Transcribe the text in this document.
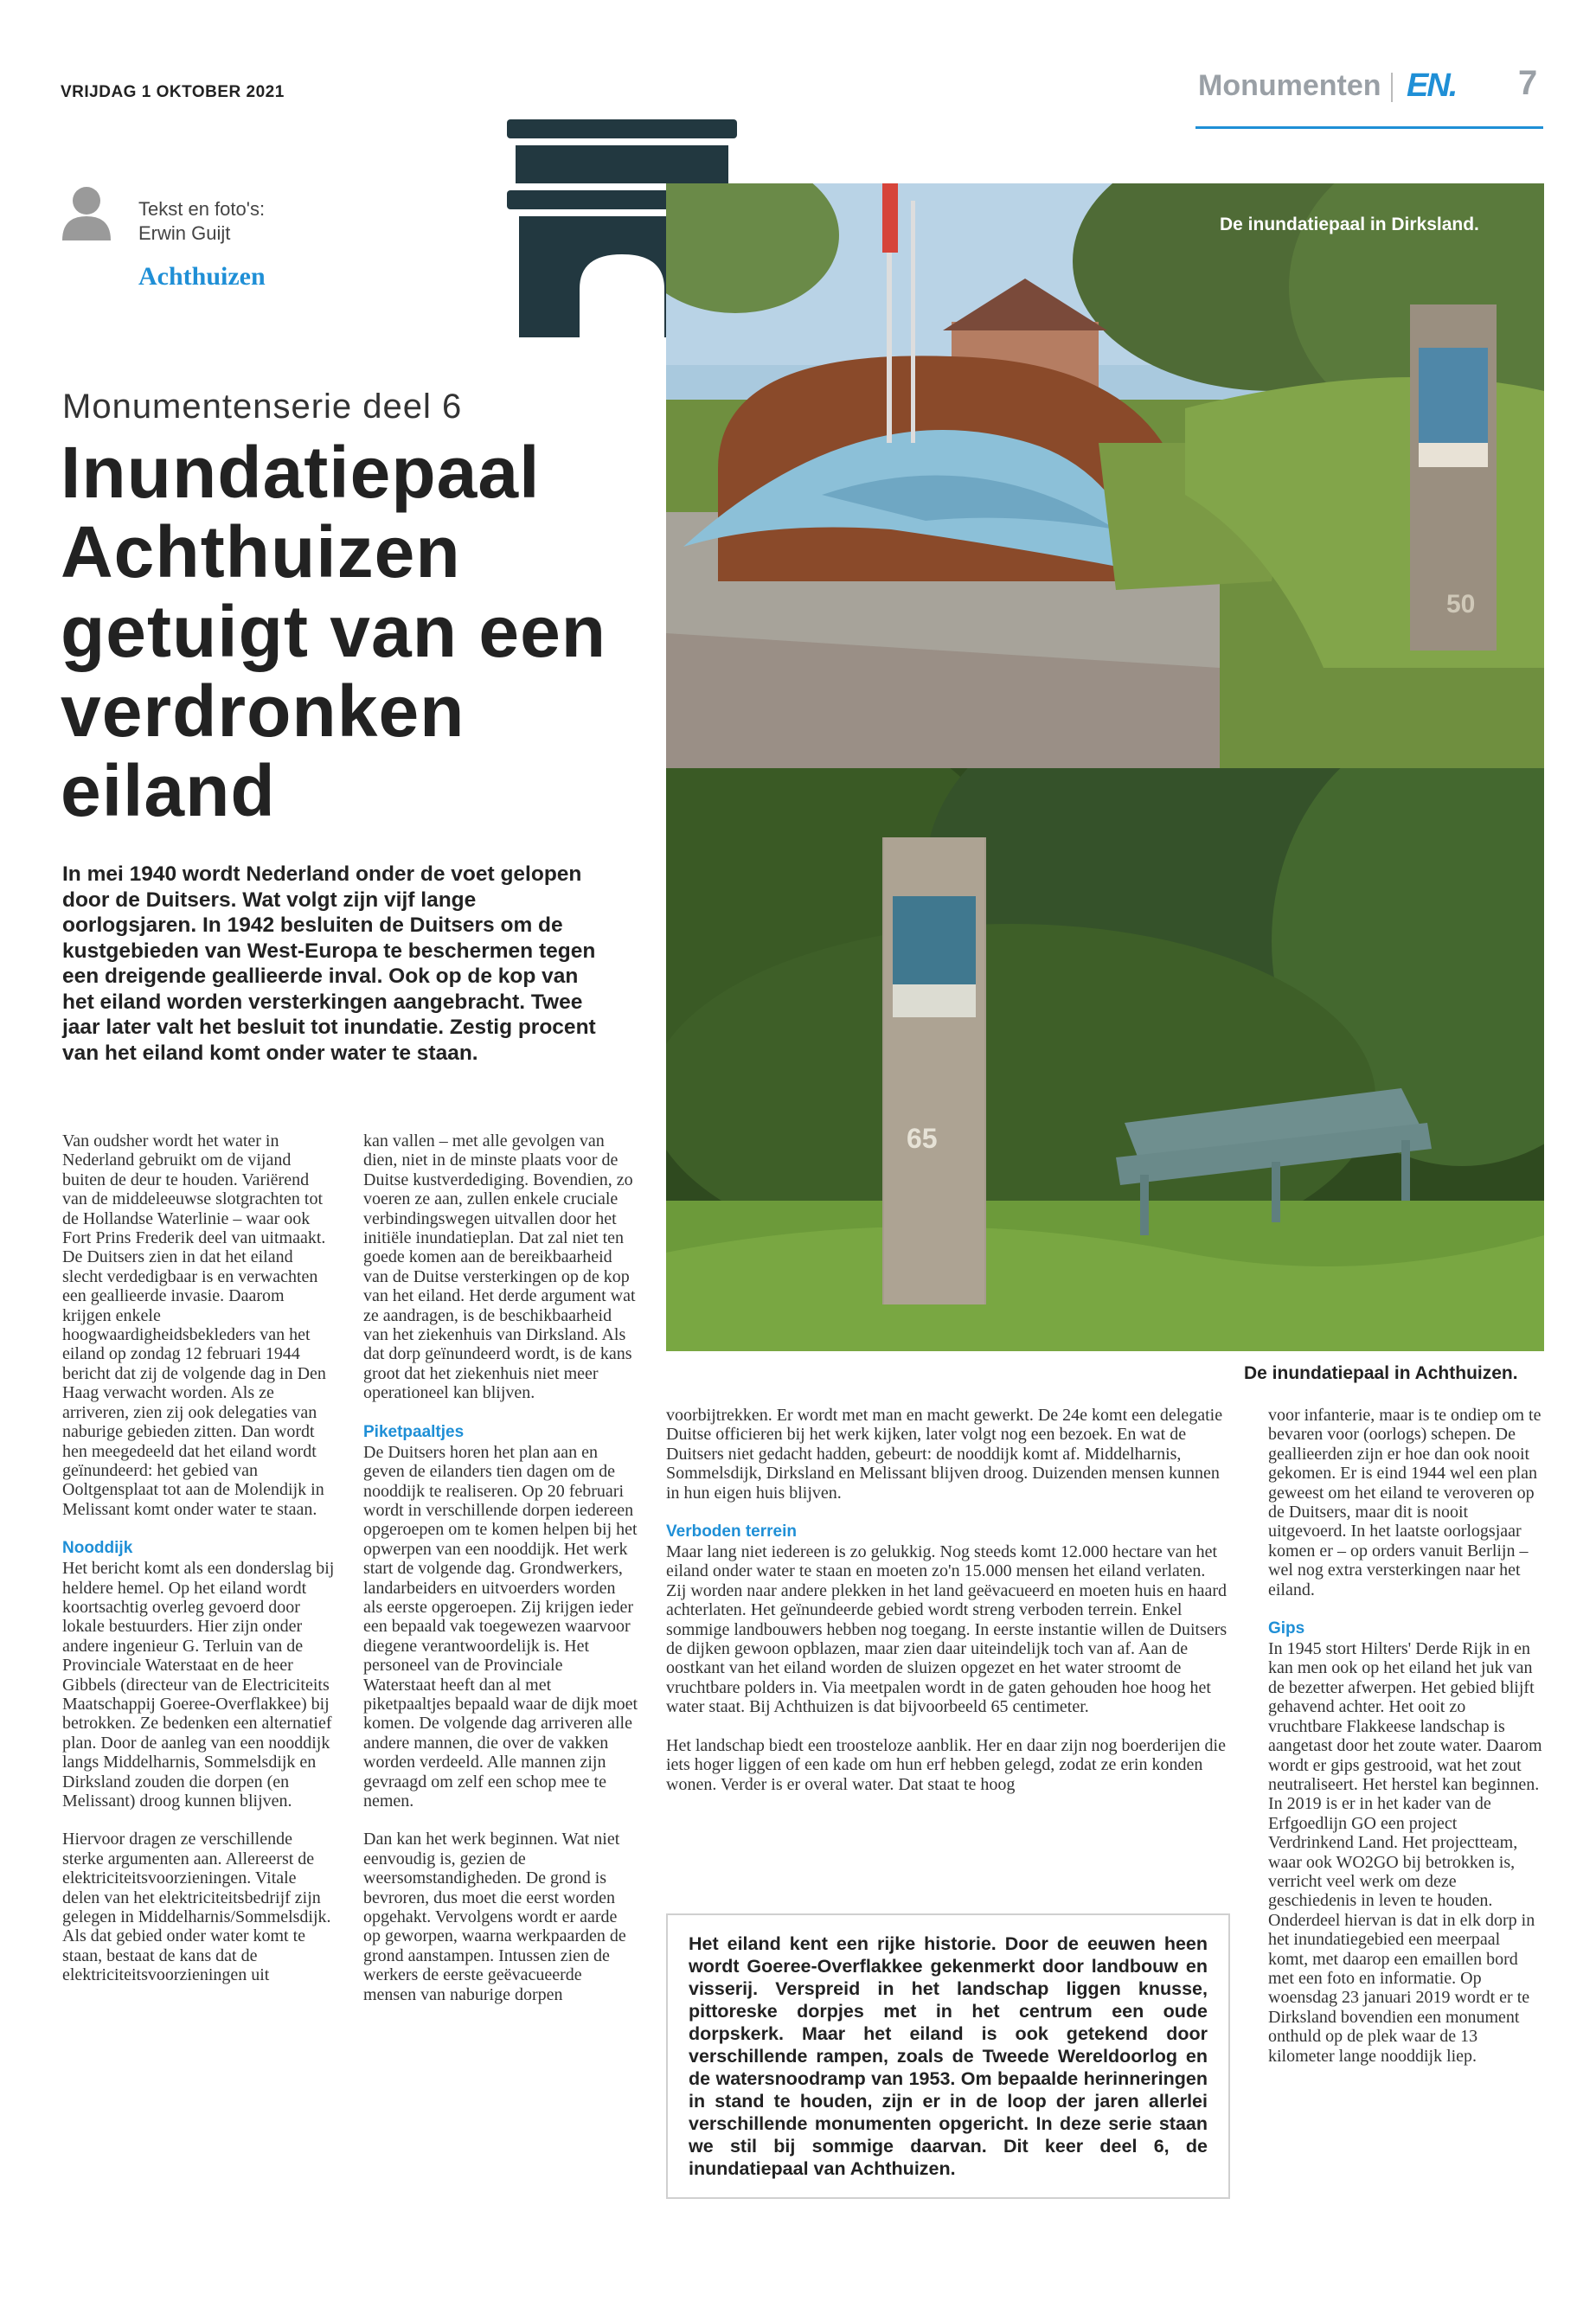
VRIJDAG 1 OKTOBER 2021	Monumenten EN. 7
Tekst en foto's:
Erwin Guijt
Achthuizen
Monumentenserie deel 6
Inundatiepaal Achthuizen getuigt van een verdronken eiland
In mei 1940 wordt Nederland onder de voet gelopen door de Duitsers. Wat volgt zijn vijf lange oorlogsjaren. In 1942 besluiten de Duitsers om de kustgebieden van West-Europa te beschermen tegen een dreigende geallieerde inval. Ook op de kop van het eiland worden versterkingen aangebracht. Twee jaar later valt het besluit tot inundatie. Zestig procent van het eiland komt onder water te staan.
De inundatiepaal in Dirksland.
50
65
De inundatiepaal in Achthuizen.

Van oudsher wordt het water in Nederland gebruikt om de vijand buiten de deur te houden. Variërend van de middeleeuwse slotgrachten tot de Hollandse Waterlinie – waar ook Fort Prins Frederik deel van uitmaakt. De Duitsers zien in dat het eiland slecht verdedigbaar is en verwachten een geallieerde invasie. Daarom krijgen enkele hoogwaardigheidsbekleders van het eiland op zondag 12 februari 1944 bericht dat zij de volgende dag in Den Haag verwacht worden. Als ze arriveren, zien zij ook delegaties van naburige gebieden zitten. Dan wordt hen meegedeeld dat het eiland wordt geïnundeerd: het gebied van Ooltgensplaat tot aan de Molendijk in Melissant komt onder water te staan.

Nooddijk

Het bericht komt als een donderslag bij heldere hemel. Op het eiland wordt koortsachtig overleg gevoerd door lokale bestuurders. Hier zijn onder andere ingenieur G. Terluin van de Provinciale Waterstaat en de heer Gibbels (directeur van de Electriciteits Maatschappij Goeree-Overflakkee) bij betrokken. Ze bedenken een alternatief plan. Door de aanleg van een nooddijk langs Middelharnis, Sommelsdijk en Dirksland zouden die dorpen (en Melissant) droog kunnen blijven.

Hiervoor dragen ze verschillende sterke argumenten aan. Allereerst de elektriciteitsvoorzieningen. Vitale delen van het elektriciteitsbedrijf zijn gelegen in Middelharnis/Sommelsdijk. Als dat gebied onder water komt te staan, bestaat de kans dat de elektriciteitsvoorzieningen uit

kan vallen – met alle gevolgen van dien, niet in de minste plaats voor de Duitse kustverdediging. Bovendien, zo voeren ze aan, zullen enkele cruciale verbindingswegen uitvallen door het initiële inundatieplan. Dat zal niet ten goede komen aan de bereikbaarheid van de Duitse versterkingen op de kop van het eiland. Het derde argument wat ze aandragen, is de beschikbaarheid van het ziekenhuis van Dirksland. Als dat dorp geïnundeerd wordt, is de kans groot dat het ziekenhuis niet meer operationeel kan blijven.

Piketpaaltjes

De Duitsers horen het plan aan en geven de eilanders tien dagen om de nooddijk te realiseren. Op 20 februari wordt in verschillende dorpen iedereen opgeroepen om te komen helpen bij het opwerpen van een nooddijk. Het werk start de volgende dag. Grondwerkers, landarbeiders en uitvoerders worden als eerste opgeroepen. Zij krijgen ieder een bepaald vak toegewezen waarvoor diegene verantwoordelijk is. Het personeel van de Provinciale Waterstaat heeft dan al met piketpaaltjes bepaald waar de dijk moet komen. De volgende dag arriveren alle andere mannen, die over de vakken worden verdeeld. Alle mannen zijn gevraagd om zelf een schop mee te nemen.

Dan kan het werk beginnen. Wat niet eenvoudig is, gezien de weersomstandigheden. De grond is bevroren, dus moet die eerst worden opgehakt. Vervolgens wordt er aarde op geworpen, waarna werkpaarden de grond aanstampen. Intussen zien de werkers de eerste geëvacueerde mensen van naburige dorpen

voorbijtrekken. Er wordt met man en macht gewerkt. De 24e komt een delegatie Duitse officieren bij het werk kijken, later volgt nog een bezoek. En wat de Duitsers niet gedacht hadden, gebeurt: de nooddijk komt af. Middelharnis, Sommelsdijk, Dirksland en Melissant blijven droog. Duizenden mensen kunnen in hun eigen huis blijven.

Verboden terrein

Maar lang niet iedereen is zo gelukkig. Nog steeds komt 12.000 hectare van het eiland onder water te staan en moeten zo'n 15.000 mensen het eiland verlaten. Zij worden naar andere plekken in het land geëvacueerd en moeten huis en haard achterlaten. Het geïnundeerde gebied wordt streng verboden terrein. Enkel sommige landbouwers hebben nog toegang. In eerste instantie willen de Duitsers de dijken gewoon opblazen, maar zien daar uiteindelijk toch van af. Aan de oostkant van het eiland worden de sluizen opgezet en het water stroomt de vruchtbare polders in. Via meetpalen wordt in de gaten gehouden hoe hoog het water staat. Bij Achthuizen is dat bijvoorbeeld 65 centimeter.

Het landschap biedt een troosteloze aanblik. Her en daar zijn nog boerderijen die iets hoger liggen of een kade om hun erf hebben gelegd, zodat ze erin konden wonen. Verder is er overal water. Dat staat te hoog

voor infanterie, maar is te ondiep om te bevaren voor (oorlogs) schepen. De geallieerden zijn er hoe dan ook nooit gekomen. Er is eind 1944 wel een plan geweest om het eiland te veroveren op de Duitsers, maar dit is nooit uitgevoerd. In het laatste oorlogsjaar komen er – op orders vanuit Berlijn – wel nog extra versterkingen naar het eiland.

Gips

In 1945 stort Hilters' Derde Rijk in en kan men ook op het eiland het juk van de bezetter afwerpen. Het gebied blijft gehavend achter. Het ooit zo vruchtbare Flakkeese landschap is aangetast door het zoute water. Daarom wordt er gips gestrooid, wat het zout neutraliseert. Het herstel kan beginnen. In 2019 is er in het kader van de Erfgoedlijn GO een project Verdrinkend Land. Het projectteam, waar ook WO2GO bij betrokken is, verricht veel werk om deze geschiedenis in leven te houden. Onderdeel hiervan is dat in elk dorp in het inundatiegebied een meerpaal komt, met daarop een emaillen bord met een foto en informatie. Op woensdag 23 januari 2019 wordt er te Dirksland bovendien een monument onthuld op de plek waar de 13 kilometer lange nooddijk liep.

Het eiland kent een rijke historie. Door de eeuwen heen wordt Goeree-Overflakkee gekenmerkt door landbouw en visserij. Verspreid in het landschap liggen knusse, pittoreske dorpjes met in het centrum een oude dorpskerk. Maar het eiland is ook getekend door verschillende rampen, zoals de Tweede Wereldoorlog en de watersnoodramp van 1953. Om bepaalde herinneringen in stand te houden, zijn er in de loop der jaren allerlei verschillende monumenten opgericht. In deze serie staan we stil bij sommige daarvan. Dit keer deel 6, de inundatiepaal van Achthuizen.
